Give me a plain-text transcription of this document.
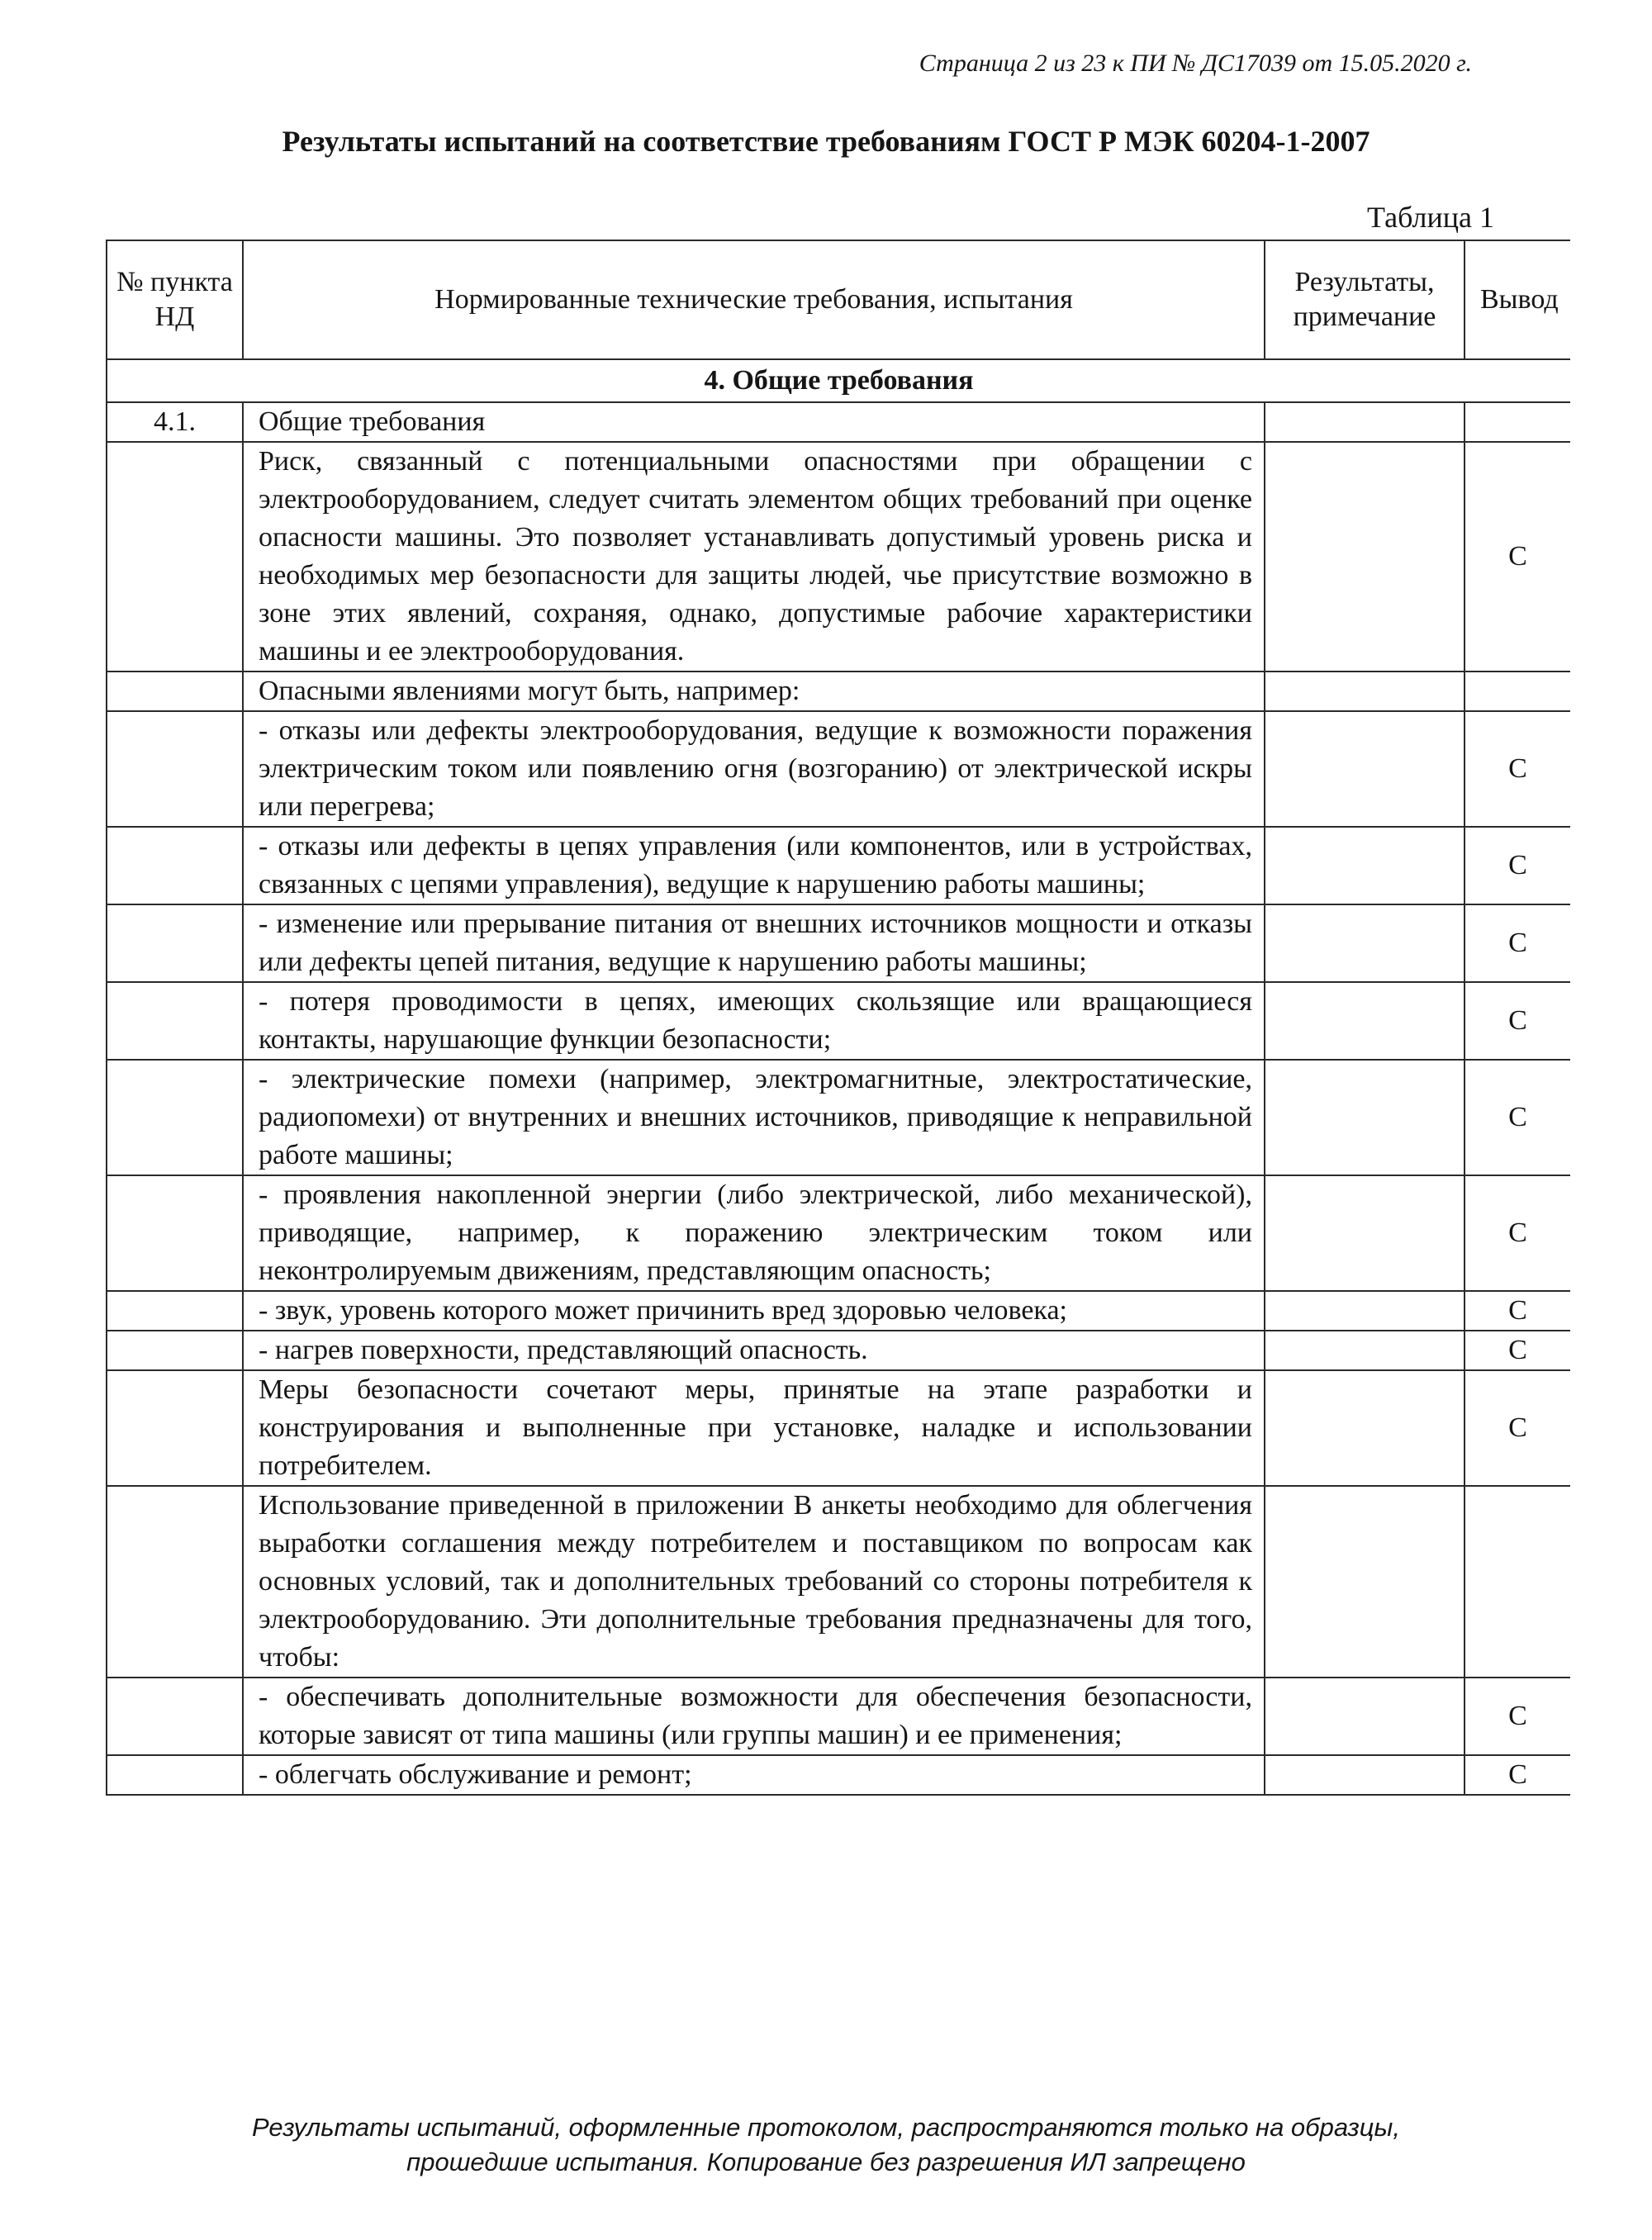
Страница 2 из 23 к ПИ № ДС17039 от 15.05.2020 г.
Результаты испытаний на соответствие требованиям ГОСТ Р МЭК 60204-1-2007
Таблица 1
№ пункта НД	Нормированные технические требования, испытания	Результаты, примечание	Вывод
4. Общие требования			
4.1.	Общие требования		
	Риск, связанный с потенциальными опасностями при обращении с электрооборудованием, следует считать элементом общих требований при оценке опасности машины. Это позволяет устанавливать допустимый уровень риска и необходимых мер безопасности для защиты людей, чье присутствие возможно в зоне этих явлений, сохраняя, однако, допустимые рабочие характеристики машины и ее электрооборудования.		С
	Опасными явлениями могут быть, например:		
	- отказы или дефекты электрооборудования, ведущие к возможности поражения электрическим током или появлению огня (возгоранию) от электрической искры или перегрева;		С
	- отказы или дефекты в цепях управления (или компонентов, или в устройствах, связанных с цепями управления), ведущие к нарушению работы машины;		С
	- изменение или прерывание питания от внешних источников мощности и отказы или дефекты цепей питания, ведущие к нарушению работы машины;		С
	- потеря проводимости в цепях, имеющих скользящие или вращающиеся контакты, нарушающие функции безопасности;		С
	- электрические помехи (например, электромагнитные, электростатические, радиопомехи) от внутренних и внешних источников, приводящие к неправильной работе машины;		С
	- проявления накопленной энергии (либо электрической, либо механической), приводящие, например, к поражению электрическим током или неконтролируемым движениям, представляющим опасность;		С
	- звук, уровень которого может причинить вред здоровью человека;		С
	- нагрев поверхности, представляющий опасность.		С
	Меры безопасности сочетают меры, принятые на этапе разработки и конструирования и выполненные при установке, наладке и использовании потребителем.		С
	Использование приведенной в приложении В анкеты необходимо для облегчения выработки соглашения между потребителем и поставщиком по вопросам как основных условий, так и дополнительных требований со стороны потребителя к электрооборудованию. Эти дополнительные требования предназначены для того, чтобы:		
	- обеспечивать дополнительные возможности для обеспечения безопасности, которые зависят от типа машины (или группы машин) и ее применения;		С
	- облегчать обслуживание и ремонт;		С
Результаты испытаний, оформленные протоколом, распространяются только на образцы,
прошедшие испытания. Копирование без разрешения ИЛ запрещено
